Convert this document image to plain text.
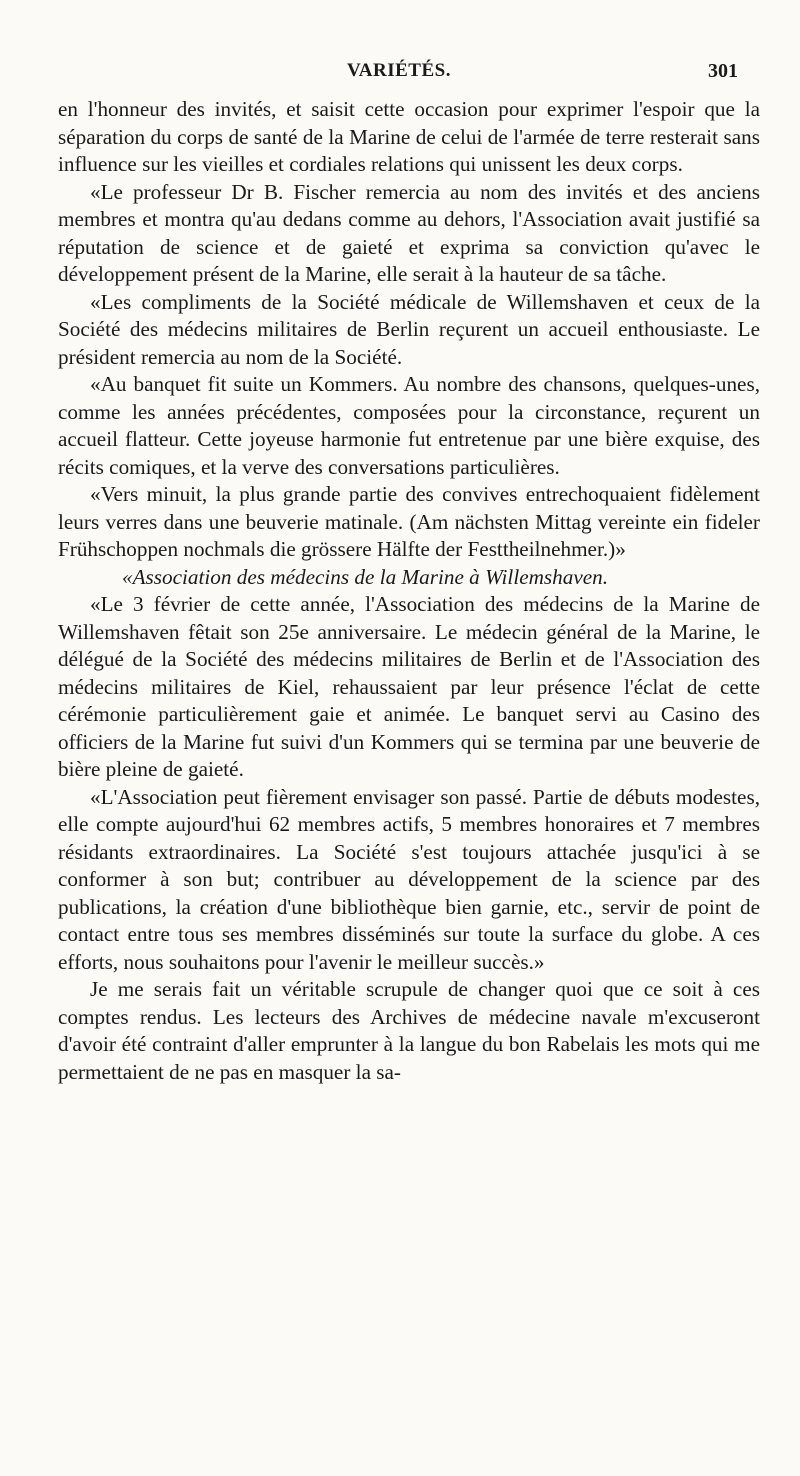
VARIÉTÉS.	301

en l'honneur des invités, et saisit cette occasion pour exprimer l'espoir que la séparation du corps de santé de la Marine de celui de l'armée de terre resterait sans influence sur les vieilles et cordiales relations qui unissent les deux corps.

«Le professeur Dr B. Fischer remercia au nom des invités et des anciens membres et montra qu'au dedans comme au dehors, l'Association avait justifié sa réputation de science et de gaieté et exprima sa conviction qu'avec le développement présent de la Marine, elle serait à la hauteur de sa tâche.

«Les compliments de la Société médicale de Willemshaven et ceux de la Société des médecins militaires de Berlin reçurent un accueil enthousiaste. Le président remercia au nom de la Société.

«Au banquet fit suite un Kommers. Au nombre des chansons, quelques-unes, comme les années précédentes, composées pour la circonstance, reçurent un accueil flatteur. Cette joyeuse harmonie fut entretenue par une bière exquise, des récits comiques, et la verve des conversations particulières.

«Vers minuit, la plus grande partie des convives entrechoquaient fidèlement leurs verres dans une beuverie matinale. (Am nächsten Mittag vereinte ein fideler Frühschoppen nochmals die grössere Hälfte der Festtheilnehmer.)»

«Association des médecins de la Marine à Willemshaven.

«Le 3 février de cette année, l'Association des médecins de la Marine de Willemshaven fêtait son 25e anniversaire. Le médecin général de la Marine, le délégué de la Société des médecins militaires de Berlin et de l'Association des médecins militaires de Kiel, rehaussaient par leur présence l'éclat de cette cérémonie particulièrement gaie et animée. Le banquet servi au Casino des officiers de la Marine fut suivi d'un Kommers qui se termina par une beuverie de bière pleine de gaieté.

«L'Association peut fièrement envisager son passé. Partie de débuts modestes, elle compte aujourd'hui 62 membres actifs, 5 membres honoraires et 7 membres résidants extraordinaires. La Société s'est toujours attachée jusqu'ici à se conformer à son but; contribuer au développement de la science par des publications, la création d'une bibliothèque bien garnie, etc., servir de point de contact entre tous ses membres disséminés sur toute la surface du globe. A ces efforts, nous souhaitons pour l'avenir le meilleur succès.»

Je me serais fait un véritable scrupule de changer quoi que ce soit à ces comptes rendus. Les lecteurs des Archives de médecine navale m'excuseront d'avoir été contraint d'aller emprunter à la langue du bon Rabelais les mots qui me permettaient de ne pas en masquer la sa-
